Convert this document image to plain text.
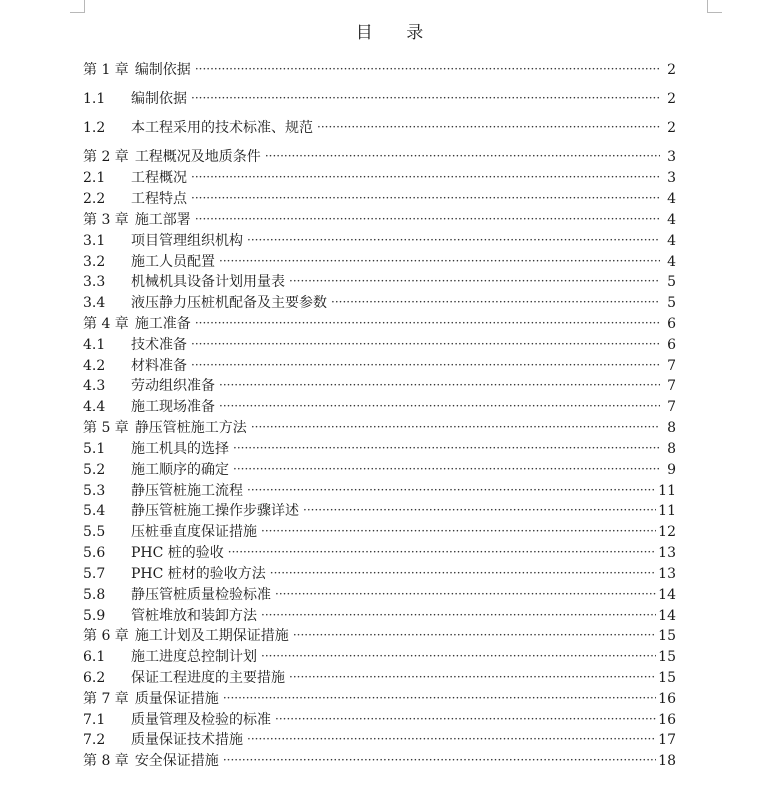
目 录
第 1 章 编制依据 ·····	2
1.1	编制依据 ·····	2
1.2	本工程采用的技术标准、规范 ·····	2
第 2 章 工程概况及地质条件 ·····	3
2.1	工程概况 ·····	3
2.2	工程特点 ·····	4
第 3 章 施工部署 ·····	4
3.1	项目管理组织机构 ·····	4
3.2	施工人员配置 ·····	4
3.3	机械机具设备计划用量表 ·····	5
3.4	液压静力压桩机配备及主要参数 ·····	5
第 4 章 施工准备 ·····	6
4.1	技术准备 ·····	6
4.2	材料准备 ·····	7
4.3	劳动组织准备 ·····	7
4.4	施工现场准备 ·····	7
第 5 章 静压管桩施工方法 ·····	8
5.1	施工机具的选择 ·····	8
5.2	施工顺序的确定 ·····	9
5.3	静压管桩施工流程 ·····	11
5.4	静压管桩施工操作步骤详述 ·····	11
5.5	压桩垂直度保证措施 ·····	12
5.6	PHC 桩的验收 ·····	13
5.7	PHC 桩材的验收方法 ·····	13
5.8	静压管桩质量检验标准 ·····	14
5.9	管桩堆放和装卸方法 ·····	14
第 6 章 施工计划及工期保证措施 ·····	15
6.1	施工进度总控制计划 ·····	15
6.2	保证工程进度的主要措施 ·····	15
第 7 章 质量保证措施 ·····	16
7.1	质量管理及检验的标准 ·····	16
7.2	质量保证技术措施 ·····	17
第 8 章 安全保证措施 ·····	18
